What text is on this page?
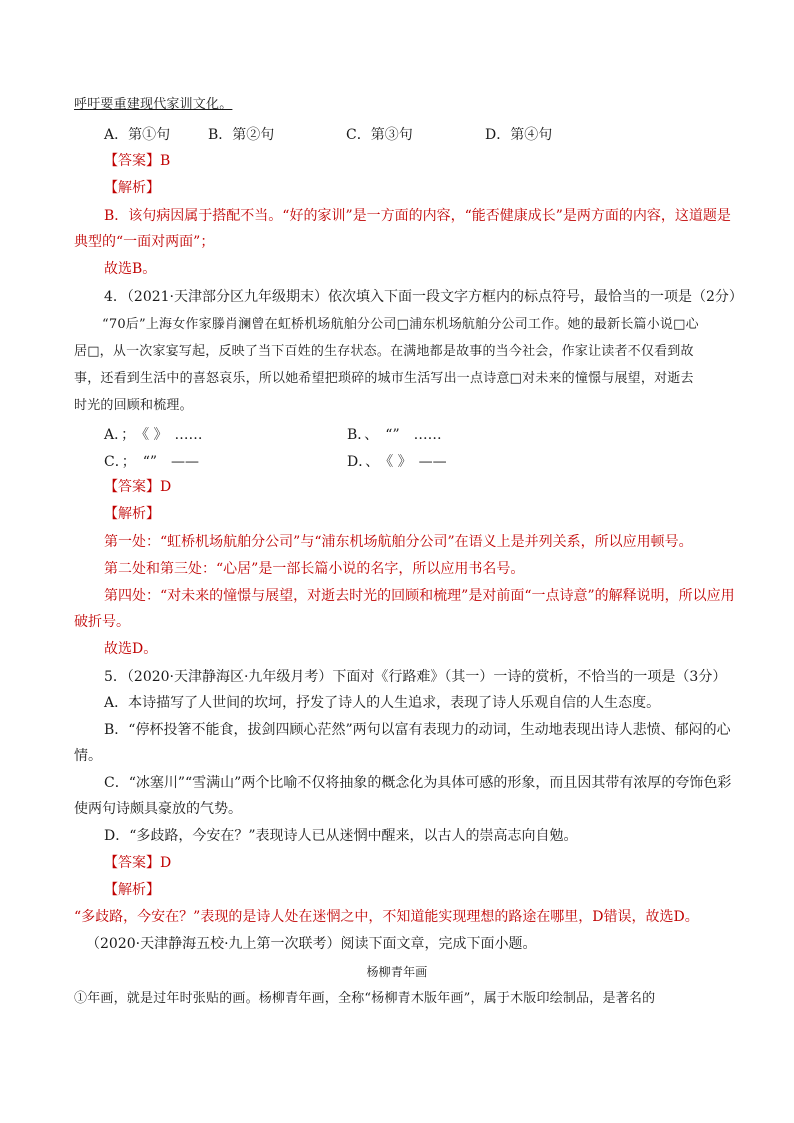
呼吁要重建现代家训文化。
A．第①句	B．第②句	C．第③句	D．第④句
【答案】B
【解析】
B．该句病因属于搭配不当。“好的家训”是一方面的内容，“能否健康成长”是两方面的内容，这道题是
典型的“一面对两面”；
故选B。
4．（2021·天津部分区九年级期末）依次填入下面一段文字方框内的标点符号，最恰当的一项是（2分）
“70后”上海女作家滕肖澜曾在虹桥机场航舶分公司□浦东机场航舶分公司工作。她的最新长篇小说□心
居□，从一次家宴写起，反映了当下百姓的生存状态。在满地都是故事的当今社会，作家让读者不仅看到故
事，还看到生活中的喜怒哀乐，所以她希望把琐碎的城市生活写出一点诗意□对未来的憧憬与展望，对逝去
时光的回顾和梳理。
A．；　《 》　……	B．、　“”　……
C．；　“”　——	D．、　《 》　——
【答案】D
【解析】
第一处：“虹桥机场航舶分公司”与“浦东机场航舶分公司”在语义上是并列关系，所以应用顿号。
第二处和第三处：“心居”是一部长篇小说的名字，所以应用书名号。
第四处：“对未来的憧憬与展望，对逝去时光的回顾和梳理”是对前面“一点诗意”的解释说明，所以应用
破折号。
故选D。
5．（2020·天津静海区·九年级月考）下面对《行路难》（其一）一诗的赏析，不恰当的一项是（3分）
A．本诗描写了人世间的坎坷，抒发了诗人的人生追求，表现了诗人乐观自信的人生态度。
B．“停杯投箸不能食，拔剑四顾心茫然”两句以富有表现力的动词，生动地表现出诗人悲愤、郁闷的心
情。
C．“冰塞川”“雪满山”两个比喻不仅将抽象的概念化为具体可感的形象，而且因其带有浓厚的夸饰色彩
使两句诗颇具豪放的气势。
D．“多歧路，今安在？”表现诗人已从迷惘中醒来，以古人的崇高志向自勉。
【答案】D
【解析】
“多歧路，今安在？”表现的是诗人处在迷惘之中，不知道能实现理想的路途在哪里，D错误，故选D。
（2020·天津静海五校·九上第一次联考）阅读下面文章，完成下面小题。
杨柳青年画
①年画，就是过年时张贴的画。杨柳青年画，全称“杨柳青木版年画”，属于木版印绘制品，是著名的
